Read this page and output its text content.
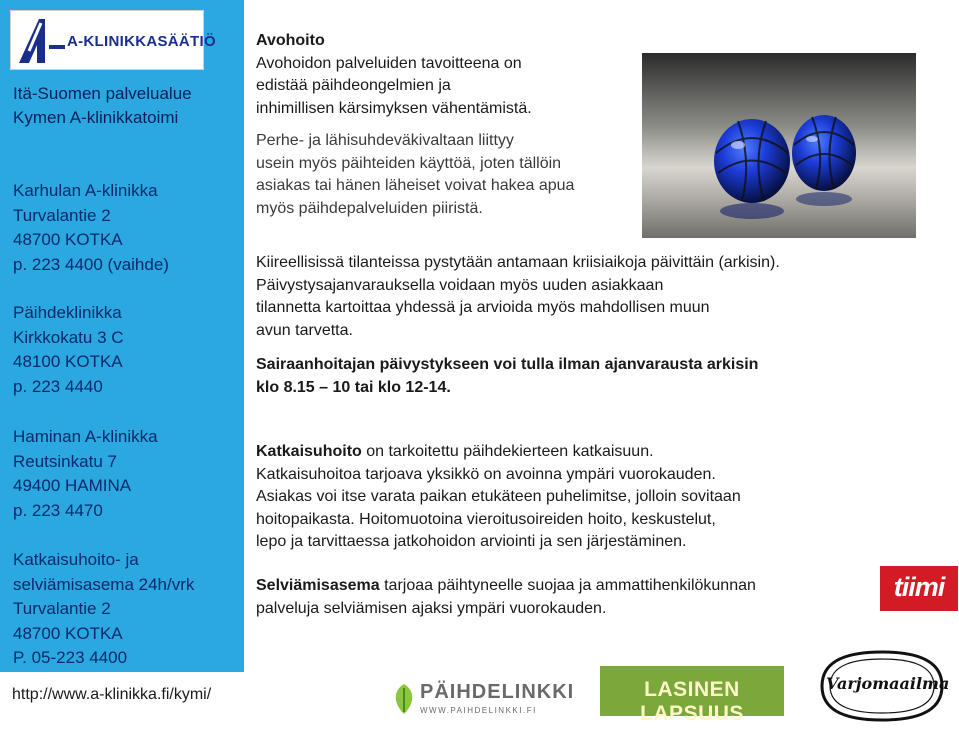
A-KLINIKKASÄÄTIÖ
Itä-Suomen palvelualue
Kymen A-klinikkatoimi
Karhulan A-klinikka
Turvalantie 2
48700 KOTKA
p. 223 4400 (vaihde)
Päihdeklinikka
Kirkkokatu 3 C
48100 KOTKA
p. 223 4440
Haminan A-klinikka
Reutsinkatu 7
49400 HAMINA
p. 223 4470
Katkaisuhoito- ja
selviämisasema 24h/vrk
Turvalantie 2
48700 KOTKA
P. 05-223 4400
http://www.a-klinikka.fi/kymi/
Avohoito
Avohoidon palveluiden tavoitteena on
edistää päihdeongelmien ja
inhimillisen kärsimyksen vähentämistä.
Perhe- ja lähisuhdeväkivaltaan liittyy
usein myös päihteiden käyttöä, joten tällöin
asiakas tai hänen läheiset voivat hakea apua
myös päihdepalveluiden piiristä.
Kiireellisissä tilanteissa pystytään antamaan kriisiaikoja päivittäin (arkisin).
Päivystysajanvarauksella voidaan myös uuden asiakkaan
tilannetta kartoittaa yhdessä ja arvioida myös mahdollisen muun
avun tarvetta.
Sairaanhoitajan päivystykseen voi tulla ilman ajanvarausta arkisin
klo 8.15 – 10 tai klo 12-14.
Katkaisuhoito on tarkoitettu päihdekierteen katkaisuun.
Katkaisuhoitoa tarjoava yksikkö on avoinna ympäri vuorokauden.
Asiakas voi itse varata paikan etukäteen puhelimitse, jolloin sovitaan
hoitopaikasta. Hoitomuotoina vieroitusoireiden hoito, keskustelut,
lepo ja tarvittaessa jatkohoidon arviointi ja sen järjestäminen.
Selviämisasema tarjoaa päihtyneelle suojaa ja ammattihenkilökunnan
palveluja selviämisen ajaksi ympäri vuorokauden.
tiimi
PÄIHDELINKKI
WWW.PAIHDELINKKI.FI
LASINEN LAPSUUS
Varjomaailma
